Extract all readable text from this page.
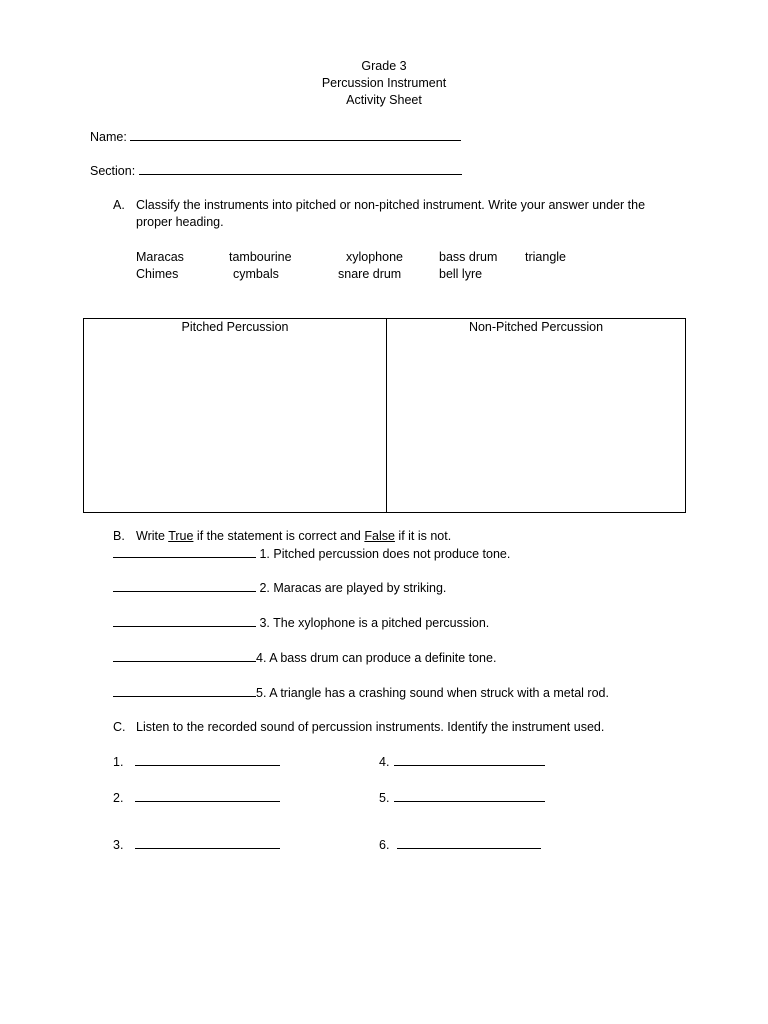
Grade 3
Percussion Instrument
Activity Sheet
Name:
Section:
A. Classify the instruments into pitched or non-pitched instrument. Write your answer under the
proper heading.
Maracas	tambourine	xylophone	bass drum triangle
Chimes	cymbals	snare drum	bell lyre
Pitched Percussion	Non-Pitched Percussion

B. Write True if the statement is correct and False if it is not.
1. Pitched percussion does not produce tone.
2. Maracas are played by striking.
3. The xylophone is a pitched percussion.
4. A bass drum can produce a definite tone.
5. A triangle has a crashing sound when struck with a metal rod.
C. Listen to the recorded sound of percussion instruments. Identify the instrument used.
1.
2.
3.
4.
5.
6.
